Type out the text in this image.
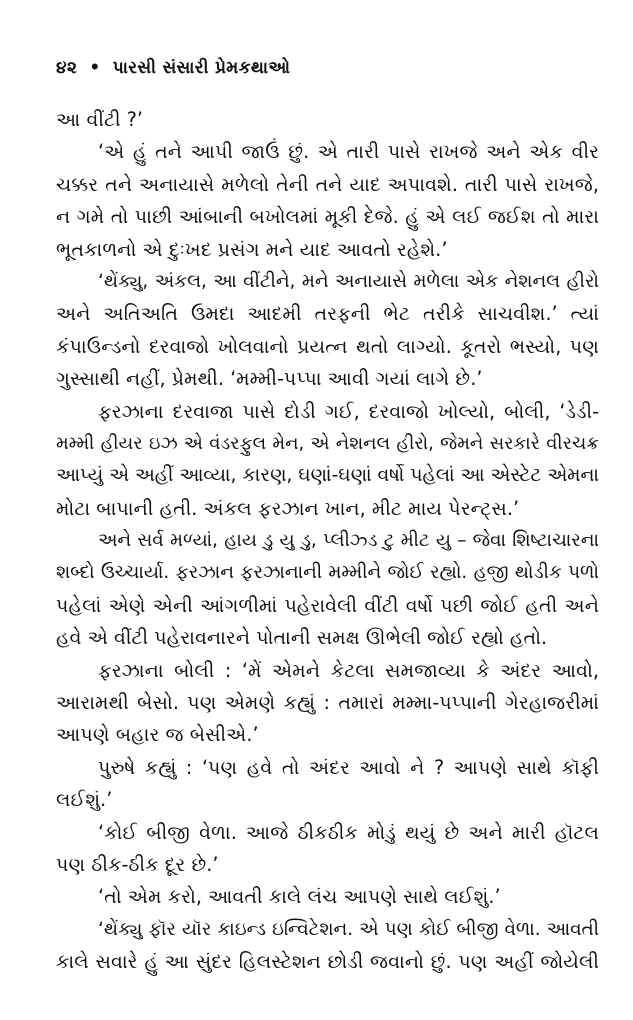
૪૨ • પારસી સંસારી પ્રેમકથાઓ
આ વીંટી ?’
‘એ હું તને આપી જાઉં છું. એ તારી પાસે રાખજે અને એક વીર
ચક્કર તને અનાયાસે મળેલો તેની તને યાદ અપાવશે. તારી પાસે રાખજે,
ન ગમે તો પાછી આંબાની બખોલમાં મૂકી દેજે. હું એ લઈ જઈશ તો મારા
ભૂતકાળનો એ દુઃખદ પ્રસંગ મને યાદ આવતો રહેશે.’
‘થેંક્યુ, અંકલ, આ વીંટીને, મને અનાયાસે મળેલા એક નેશનલ હીરો
અને અતિઅતિ ઉમદા આદમી તરફની ભેટ તરીકે સાચવીશ.’ ત્યાં
કંપાઉન્ડનો દરવાજો ખોલવાનો પ્રયત્ન થતો લાગ્યો. કૂતરો ભસ્યો, પણ
ગુસ્સાથી નહીં, પ્રેમથી. ‘મમ્મી-પપ્પા આવી ગયાં લાગે છે.’
ફરઝાના દરવાજા પાસે દોડી ગઈ, દરવાજો ખોલ્યો, બોલી, ‘ડેડી-
મમ્મી હીયર ઇઝ એ વંડરફુલ મેન, એ નેશનલ હીરો, જેમને સરકારે વીરચક્ર
આપ્યું એ અહીં આવ્યા, કારણ, ઘણાં-ઘણાં વર્ષો પહેલાં આ એસ્ટેટ એમના
મોટા બાપાની હતી. અંકલ ફરઝાન ખાન, મીટ માય પેરન્ટ્સ.’
અને સર્વ મળ્યાં, હાય ડુ યુ ડુ, પ્લીઝ્ડ ટુ મીટ યુ – જેવા શિષ્ટાચારના
શબ્દો ઉચ્ચાર્યા. ફરઝાન ફરઝાનાની મમ્મીને જોઈ રહ્યો. હજી થોડીક પળો
પહેલાં એણે એની આંગળીમાં પહેરાવેલી વીંટી વર્ષો પછી જોઈ હતી અને
હવે એ વીંટી પહેરાવનારને પોતાની સમક્ષ ઊભેલી જોઈ રહ્યો હતો.
ફરઝાના બોલી : ‘મેં એમને કેટલા સમજાવ્યા કે અંદર આવો,
આરામથી બેસો. પણ એમણે કહ્યું : તમારાં મમ્મા-પપ્પાની ગેરહાજરીમાં
આપણે બહાર જ બેસીએ.’
પુરુષે કહ્યું : ‘પણ હવે તો અંદર આવો ને ? આપણે સાથે કૉફી
લઈશું.’
‘કોઈ બીજી વેળા. આજે ઠીકઠીક મોડું થયું છે અને મારી હૉટલ
પણ ઠીક-ઠીક દૂર છે.’
‘તો એમ કરો, આવતી કાલે લંચ આપણે સાથે લઈશું.’
‘થેંક્યુ ફૉર યૉર કાઇન્ડ ઇન્વિટેશન. એ પણ કોઈ બીજી વેળા. આવતી
કાલે સવારે હું આ સુંદર હિલસ્ટેશન છોડી જવાનો છું. પણ અહીં જોયેલી
